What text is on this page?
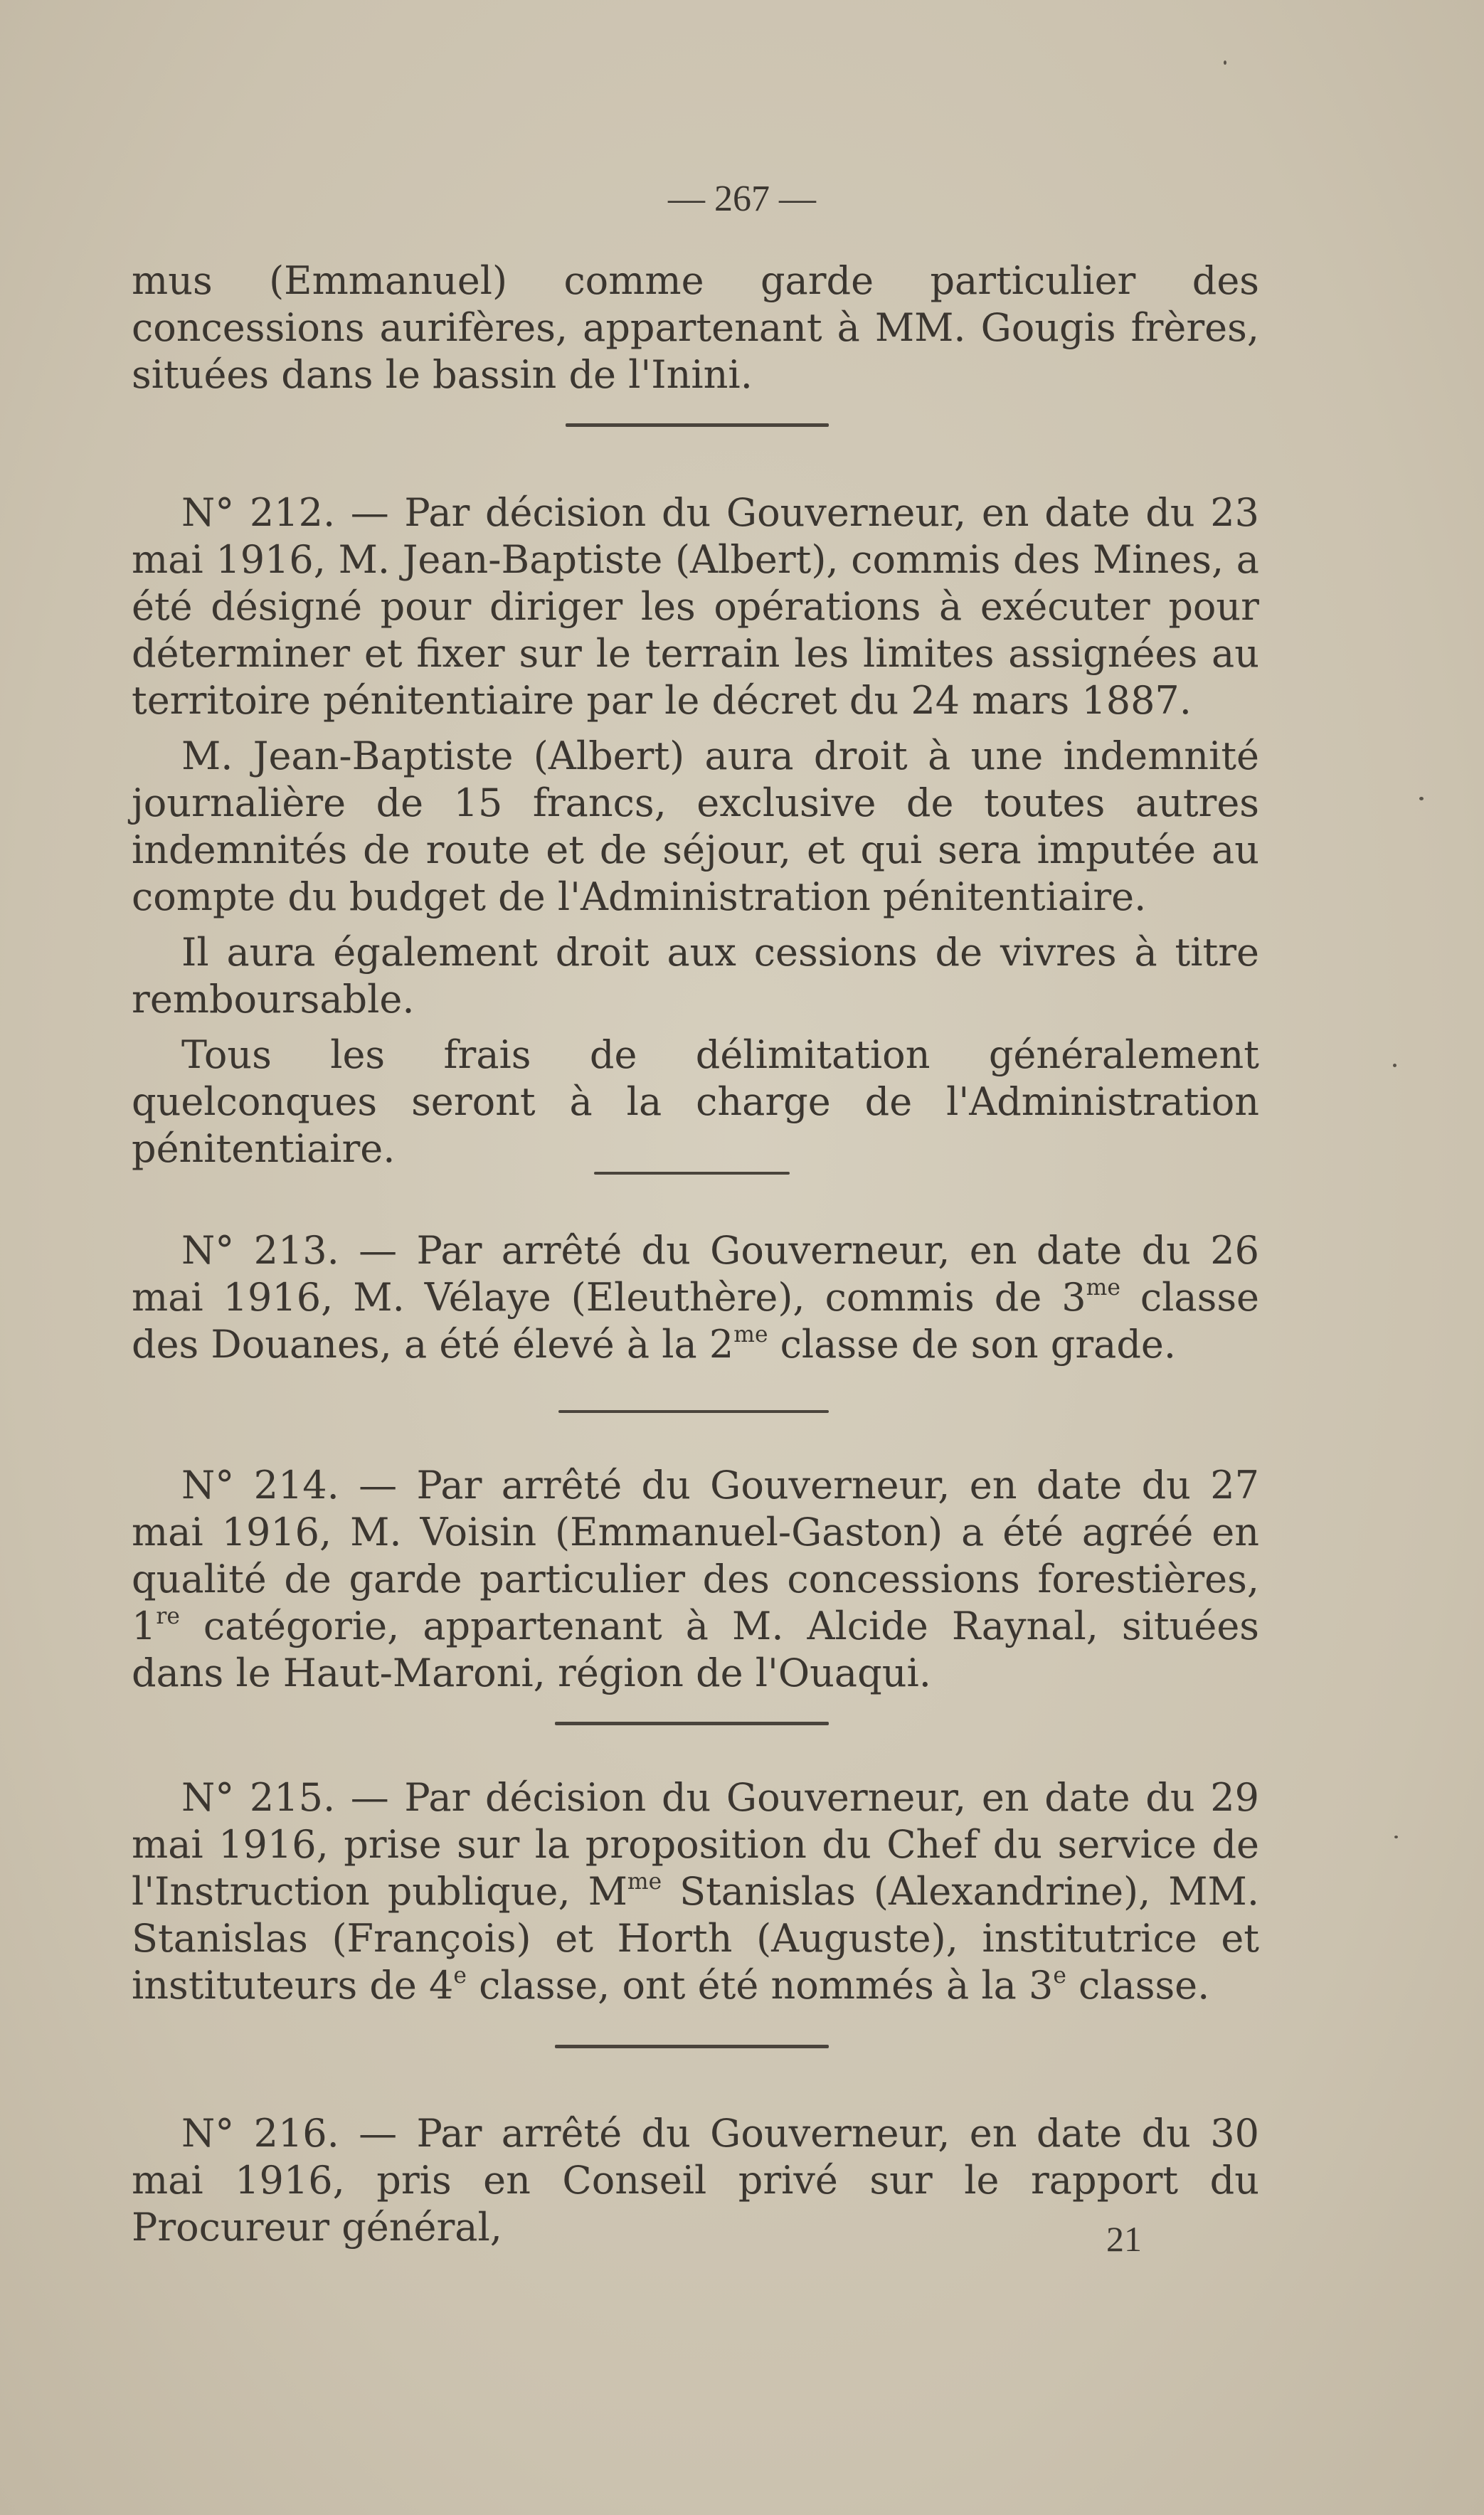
— 267 —

mus (Emmanuel) comme garde particulier des concessions aurifères, appartenant à MM. Gougis frères, situées dans le bassin de l'Inini.

N° 212. — Par décision du Gouverneur, en date du 23 mai 1916, M. Jean-Baptiste (Albert), commis des Mines, a été désigné pour diriger les opérations à exécuter pour déterminer et fixer sur le terrain les limites assignées au territoire pénitentiaire par le décret du 24 mars 1887.

M. Jean-Baptiste (Albert) aura droit à une indemnité journalière de 15 francs, exclusive de toutes autres indemnités de route et de séjour, et qui sera imputée au compte du budget de l'Administration pénitentiaire.

Il aura également droit aux cessions de vivres à titre remboursable.

Tous les frais de délimitation généralement quelconques seront à la charge de l'Administration pénitentiaire.

N° 213. — Par arrêté du Gouverneur, en date du 26 mai 1916, M. Vélaye (Eleuthère), commis de $3^{me}$ classe des Douanes, a été élevé à la $2^{me}$ classe de son grade.

N° 214. — Par arrêté du Gouverneur, en date du 27 mai 1916, M. Voisin (Emmanuel-Gaston) a été agréé en qualité de garde particulier des concessions forestières, 1re catégorie, appartenant à M. Alcide Raynal, situées dans le Haut-Maroni, région de l'Ouaqui.

N° 215. — Par décision du Gouverneur, en date du 29 mai 1916, prise sur la proposition du Chef du service de l'Instruction publique, $M^{me}$ Stanislas (Alexandrine), MM. Stanislas (François) et Horth (Auguste), institutrice et instituteurs de 4e classe, ont été nommés à la 3e classe.

N° 216. — Par arrêté du Gouverneur, en date du 30 mai 1916, pris en Conseil privé sur le rapport du Procureur général,	21
